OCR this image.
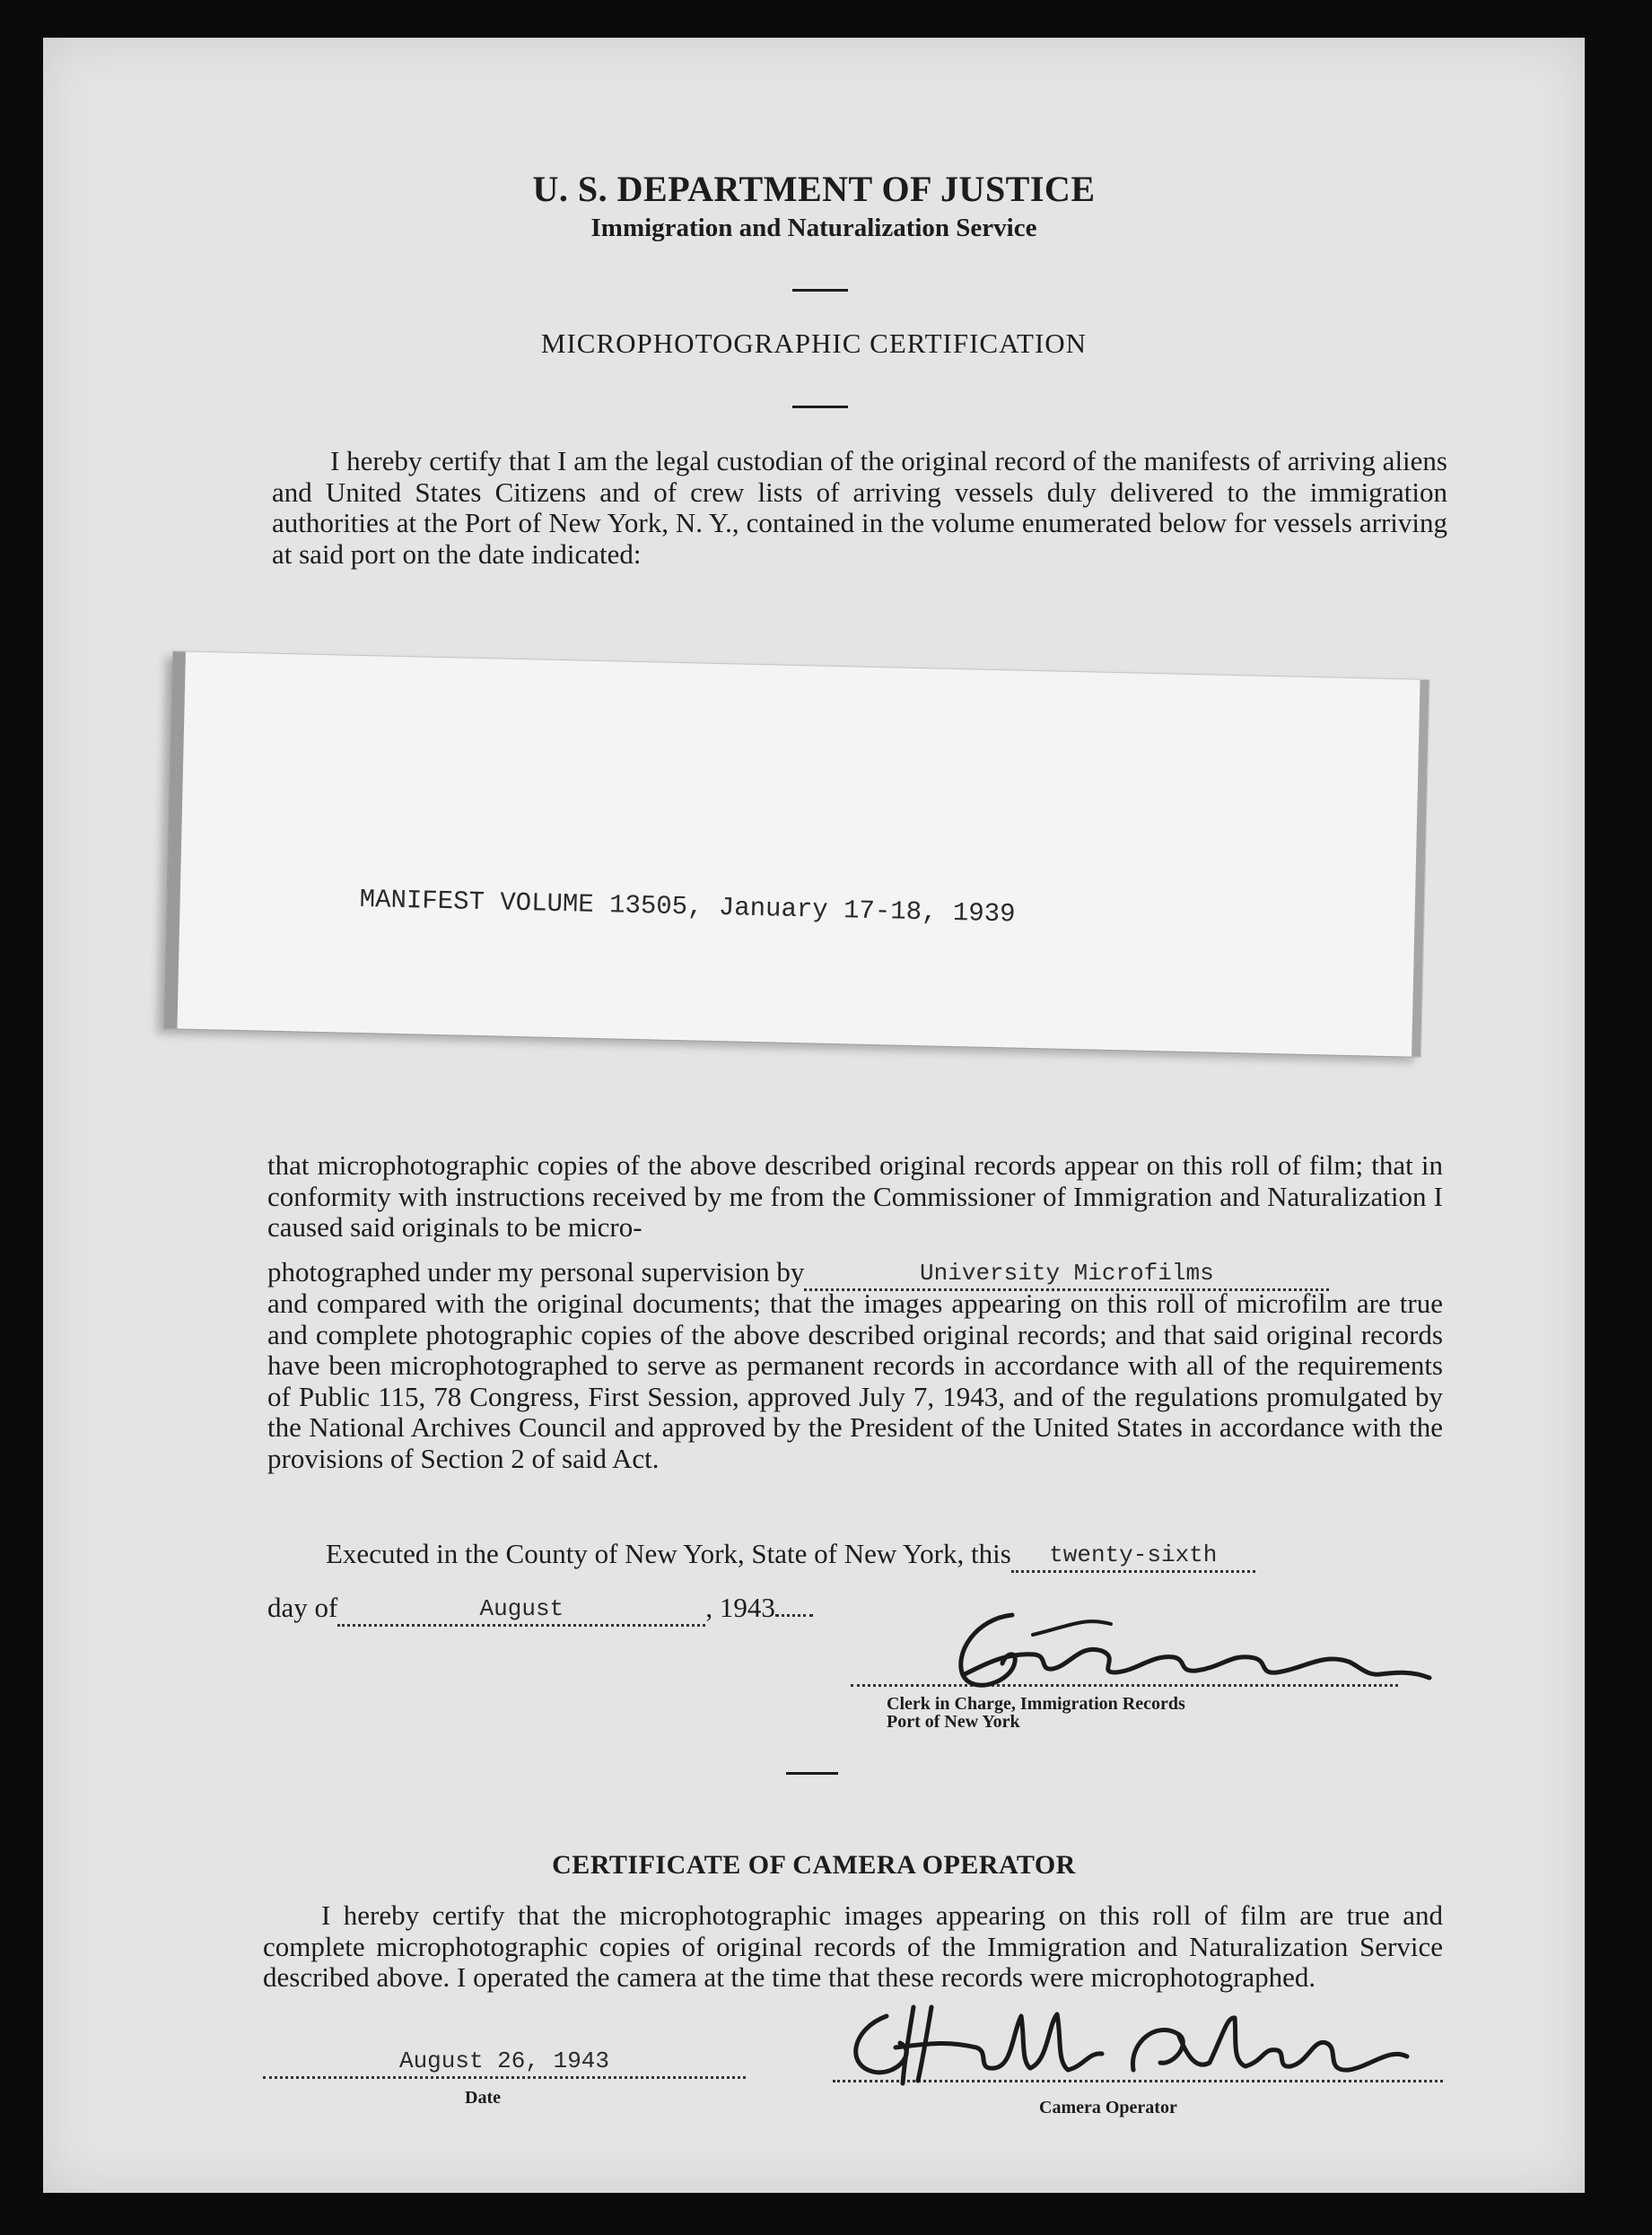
U. S. DEPARTMENT OF JUSTICE
Immigration and Naturalization Service
MICROPHOTOGRAPHIC CERTIFICATION
I hereby certify that I am the legal custodian of the original record of the manifests of arriving aliens and United States Citizens and of crew lists of arriving vessels duly delivered to the immigration authorities at the Port of New York, N. Y., contained in the volume enumerated below for vessels arriving at said port on the date indicated:
MANIFEST VOLUME 13505, January 17-18, 1939
that microphotographic copies of the above described original records appear on this roll of film; that in conformity with instructions received by me from the Commissioner of Immigration and Naturalization I caused said originals to be micro-
photographed under my personal supervision by	University Microfilms
and compared with the original documents; that the images appearing on this roll of microfilm are true and complete photographic copies of the above described original records; and that said original records have been microphotographed to serve as permanent records in accordance with all of the requirements of Public 115, 78 Congress, First Session, approved July 7, 1943, and of the regulations promulgated by the National Archives Council and approved by the President of the United States in accordance with the provisions of Section 2 of said Act.
Executed in the County of New York, State of New York, this twenty-sixth
day of	August	, 1943
Clerk in Charge, Immigration Records
Port of New York
CERTIFICATE OF CAMERA OPERATOR
I hereby certify that the microphotographic images appearing on this roll of film are true and complete microphotographic copies of original records of the Immigration and Naturalization Service described above. I operated the camera at the time that these records were microphotographed.
August 26, 1943
Date	Camera Operator
